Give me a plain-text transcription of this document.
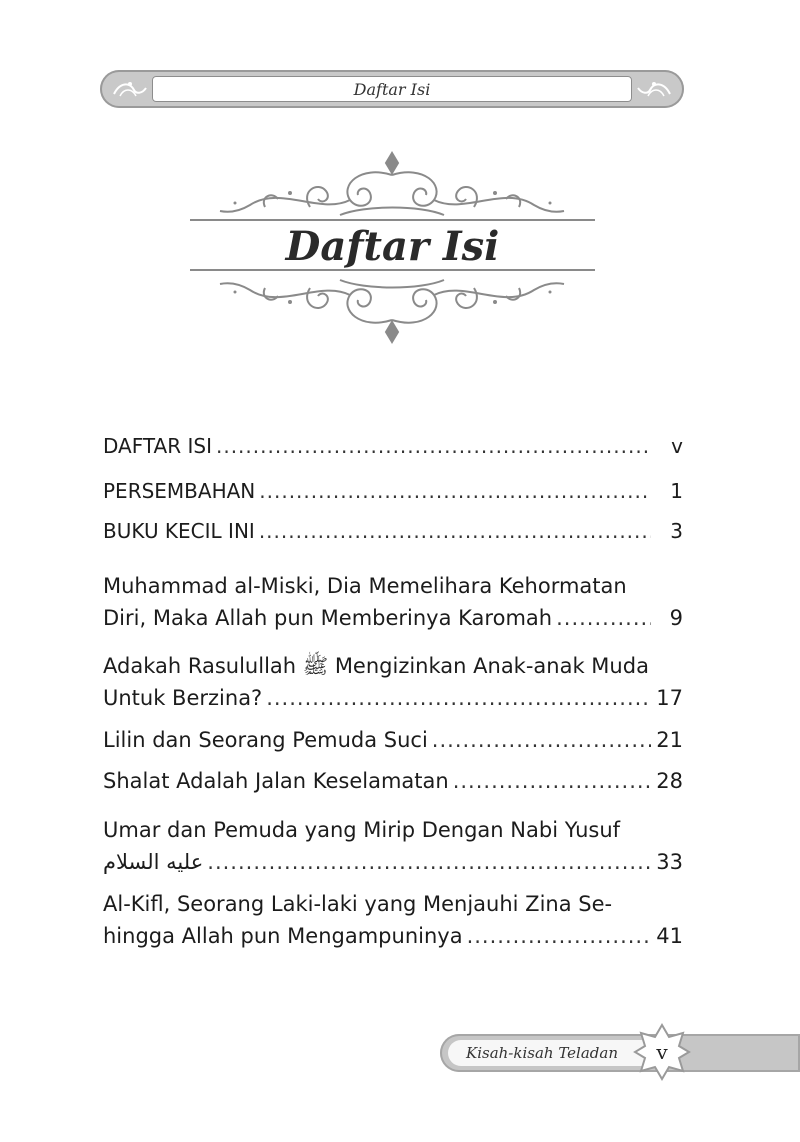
Daftar Isi
Daftar Isi
DAFTAR ISI .....	v
PERSEMBAHAN .....	1
BUKU KECIL INI .....	3
Muhammad al-Miski, Dia Memelihara Kehormatan
Diri, Maka Allah pun Memberinya Karomah .....	9
Adakah Rasulullah ﷺ Mengizinkan Anak-anak Muda
Untuk Berzina? .....	17
Lilin dan Seorang Pemuda Suci .....	21
Shalat Adalah Jalan Keselamatan .....	28
Umar dan Pemuda yang Mirip Dengan Nabi Yusuf
عليه السلام .....	33
Al-Kifl, Seorang Laki-laki yang Menjauhi Zina Se-
hingga Allah pun Mengampuninya .....	41
Kisah-kisah Teladan	v
